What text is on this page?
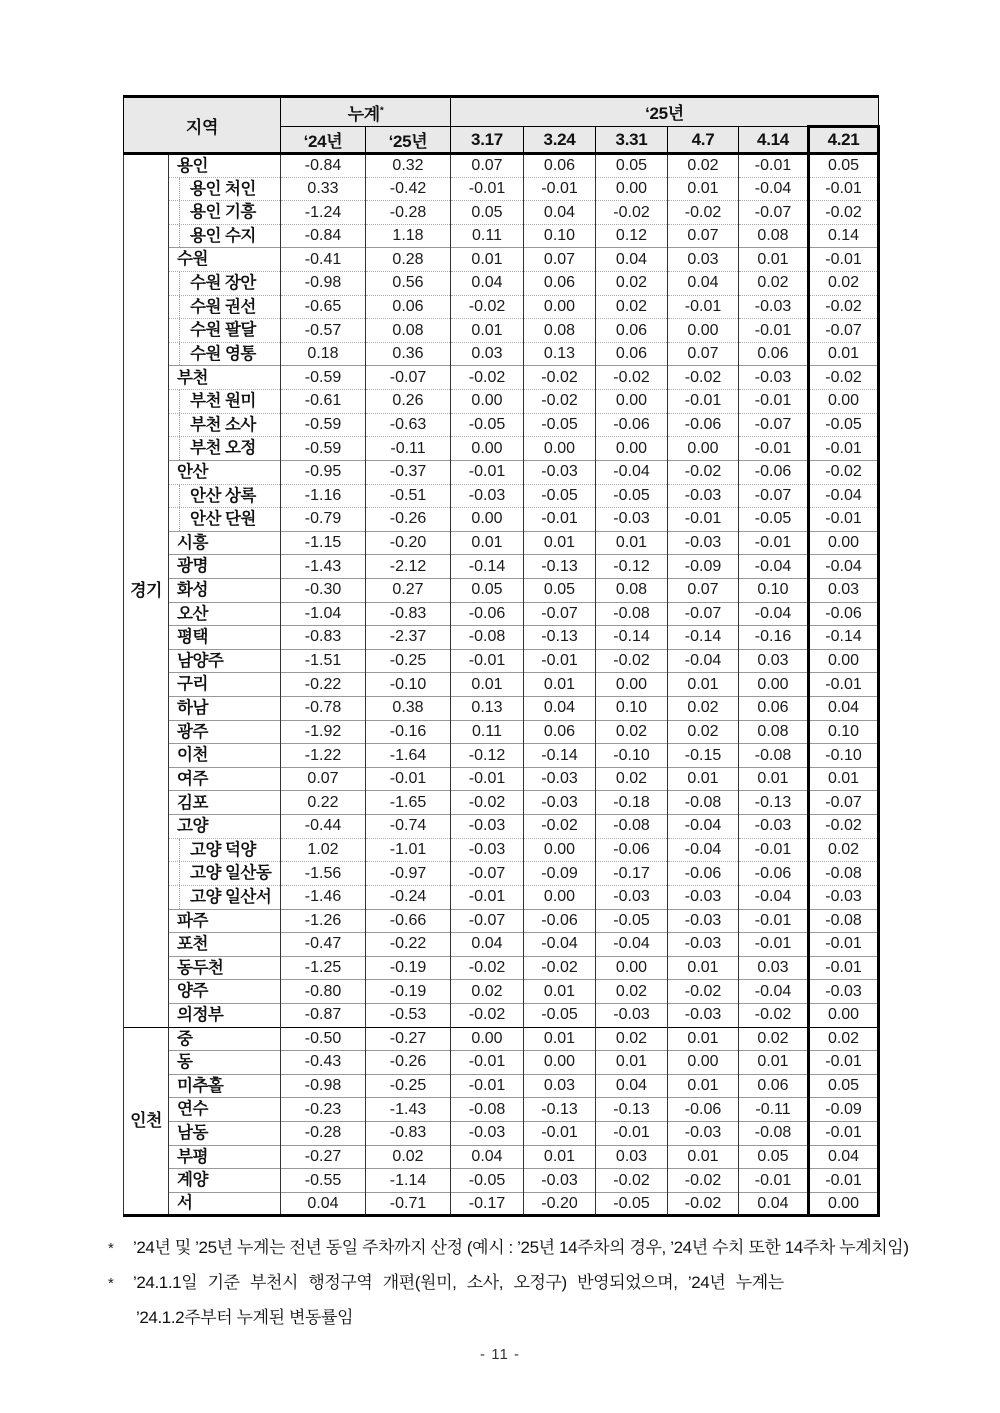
지역		누계*		‘25년					
		‘24년	‘25년	3.17	3.24	3.31	4.7	4.14	4.21
경기	용인	-0.84	0.32	0.07	0.06	0.05	0.02	-0.01	0.05
	용인 처인	0.33	-0.42	-0.01	-0.01	0.00	0.01	-0.04	-0.01
	용인 기흥	-1.24	-0.28	0.05	0.04	-0.02	-0.02	-0.07	-0.02
	용인 수지	-0.84	1.18	0.11	0.10	0.12	0.07	0.08	0.14
	수원	-0.41	0.28	0.01	0.07	0.04	0.03	0.01	-0.01
	수원 장안	-0.98	0.56	0.04	0.06	0.02	0.04	0.02	0.02
	수원 권선	-0.65	0.06	-0.02	0.00	0.02	-0.01	-0.03	-0.02
	수원 팔달	-0.57	0.08	0.01	0.08	0.06	0.00	-0.01	-0.07
	수원 영통	0.18	0.36	0.03	0.13	0.06	0.07	0.06	0.01
	부천	-0.59	-0.07	-0.02	-0.02	-0.02	-0.02	-0.03	-0.02
	부천 원미	-0.61	0.26	0.00	-0.02	0.00	-0.01	-0.01	0.00
	부천 소사	-0.59	-0.63	-0.05	-0.05	-0.06	-0.06	-0.07	-0.05
	부천 오정	-0.59	-0.11	0.00	0.00	0.00	0.00	-0.01	-0.01
	안산	-0.95	-0.37	-0.01	-0.03	-0.04	-0.02	-0.06	-0.02
	안산 상록	-1.16	-0.51	-0.03	-0.05	-0.05	-0.03	-0.07	-0.04
	안산 단원	-0.79	-0.26	0.00	-0.01	-0.03	-0.01	-0.05	-0.01
	시흥	-1.15	-0.20	0.01	0.01	0.01	-0.03	-0.01	0.00
	광명	-1.43	-2.12	-0.14	-0.13	-0.12	-0.09	-0.04	-0.04
	화성	-0.30	0.27	0.05	0.05	0.08	0.07	0.10	0.03
	오산	-1.04	-0.83	-0.06	-0.07	-0.08	-0.07	-0.04	-0.06
	평택	-0.83	-2.37	-0.08	-0.13	-0.14	-0.14	-0.16	-0.14
	남양주	-1.51	-0.25	-0.01	-0.01	-0.02	-0.04	0.03	0.00
	구리	-0.22	-0.10	0.01	0.01	0.00	0.01	0.00	-0.01
	하남	-0.78	0.38	0.13	0.04	0.10	0.02	0.06	0.04
	광주	-1.92	-0.16	0.11	0.06	0.02	0.02	0.08	0.10
	이천	-1.22	-1.64	-0.12	-0.14	-0.10	-0.15	-0.08	-0.10
	여주	0.07	-0.01	-0.01	-0.03	0.02	0.01	0.01	0.01
	김포	0.22	-1.65	-0.02	-0.03	-0.18	-0.08	-0.13	-0.07
	고양	-0.44	-0.74	-0.03	-0.02	-0.08	-0.04	-0.03	-0.02
	고양 덕양	1.02	-1.01	-0.03	0.00	-0.06	-0.04	-0.01	0.02
	고양 일산동	-1.56	-0.97	-0.07	-0.09	-0.17	-0.06	-0.06	-0.08
	고양 일산서	-1.46	-0.24	-0.01	0.00	-0.03	-0.03	-0.04	-0.03
	파주	-1.26	-0.66	-0.07	-0.06	-0.05	-0.03	-0.01	-0.08
	포천	-0.47	-0.22	0.04	-0.04	-0.04	-0.03	-0.01	-0.01
	동두천	-1.25	-0.19	-0.02	-0.02	0.00	0.01	0.03	-0.01
	양주	-0.80	-0.19	0.02	0.01	0.02	-0.02	-0.04	-0.03
	의정부	-0.87	-0.53	-0.02	-0.05	-0.03	-0.03	-0.02	0.00
인천	중	-0.50	-0.27	0.00	0.01	0.02	0.01	0.02	0.02
	동	-0.43	-0.26	-0.01	0.00	0.01	0.00	0.01	-0.01
	미추홀	-0.98	-0.25	-0.01	0.03	0.04	0.01	0.06	0.05
	연수	-0.23	-1.43	-0.08	-0.13	-0.13	-0.06	-0.11	-0.09
	남동	-0.28	-0.83	-0.03	-0.01	-0.01	-0.03	-0.08	-0.01
	부평	-0.27	0.02	0.04	0.01	0.03	0.01	0.05	0.04
	계양	-0.55	-1.14	-0.05	-0.03	-0.02	-0.02	-0.01	-0.01
	서	0.04	-0.71	-0.17	-0.20	-0.05	-0.02	0.04	0.00
* ’24년 및 ’25년 누계는 전년 동일 주차까지 산정 (예시 : ’25년 14주차의 경우, ’24년 수치 또한 14주차 누계치임)
* ’24.1.1일 기준 부천시 행정구역 개편(원미, 소사, 오정구) 반영되었으며, ’24년 누계는
’24.1.2주부터 누계된 변동률임
- 11 -
